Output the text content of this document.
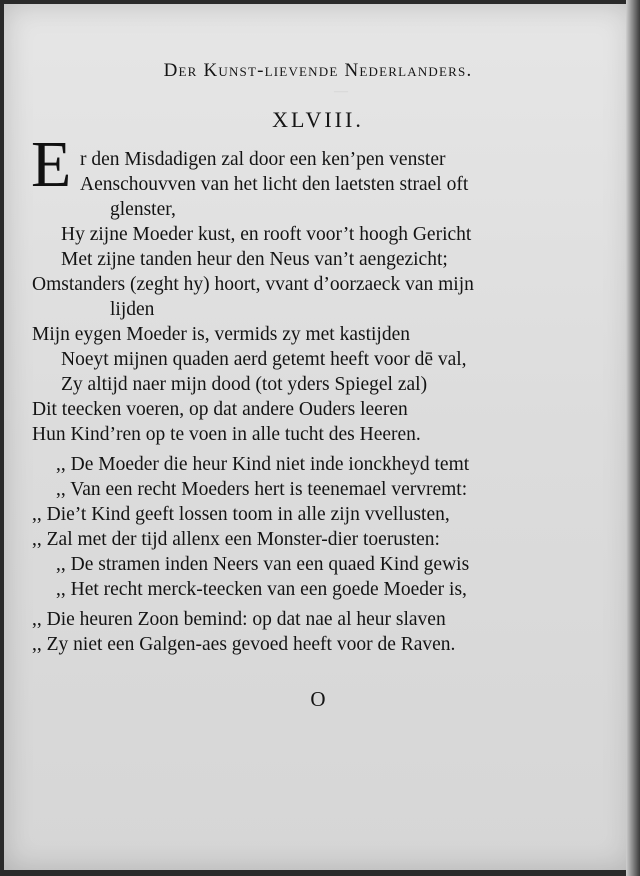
—
Der Kunst-lievende Nederlanders.
XLVIII.
E r den Misdadigen zal door een ken’pen venster
Aenschouvven van het licht den laetsten strael oft
glenster,
Hy zijne Moeder kust, en rooft voor’t hoogh Gericht
Met zijne tanden heur den Neus van’t aengezicht;
Omstanders (zeght hy) hoort, vvant d’oorzaeck van mijn
lijden
Mijn eygen Moeder is, vermids zy met kastijden
Noeyt mijnen quaden aerd getemt heeft voor dē val,
Zy altijd naer mijn dood (tot yders Spiegel zal)
Dit teecken voeren, op dat andere Ouders leeren
Hun Kind’ren op te voen in alle tucht des Heeren.
,, De Moeder die heur Kind niet inde ionckheyd temt
,, Van een recht Moeders hert is teenemael vervremt:
,, Die’t Kind geeft lossen toom in alle zijn vvellusten,
,, Zal met der tijd allenx een Monster-dier toerusten:
,, De stramen inden Neers van een quaed Kind gewis
,, Het recht merck-teecken van een goede Moeder is,
,, Die heuren Zoon bemind: op dat nae al heur slaven
,, Zy niet een Galgen-aes gevoed heeft voor de Raven.
O
